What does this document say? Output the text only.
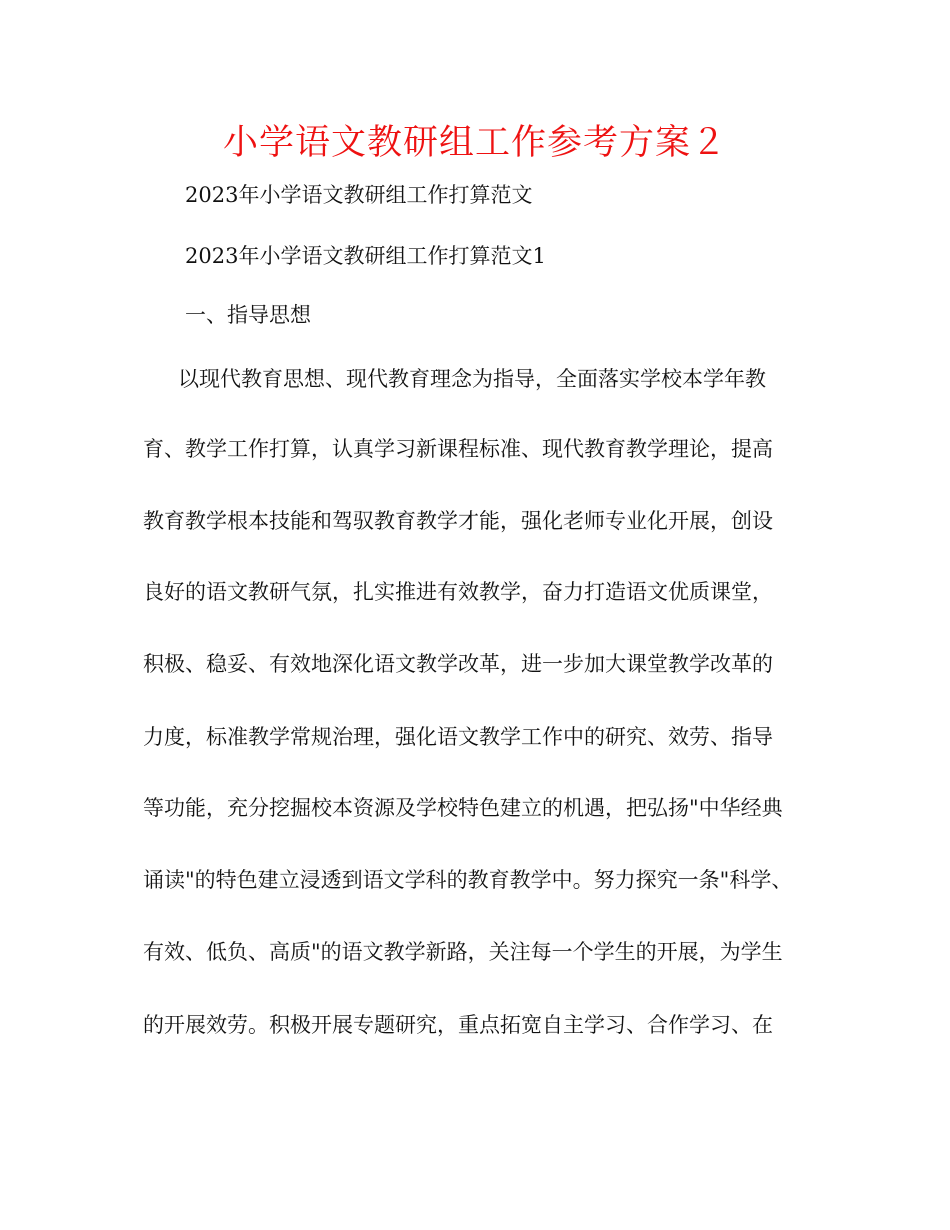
小学语文教研组工作参考方案２
2023年小学语文教研组工作打算范文
2023年小学语文教研组工作打算范文1
一、指导思想
以现代教育思想、现代教育理念为指导，全面落实学校本学年教
育、教学工作打算，认真学习新课程标准、现代教育教学理论，提高
教育教学根本技能和驾驭教育教学才能，强化老师专业化开展，创设
良好的语文教研气氛，扎实推进有效教学，奋力打造语文优质课堂，
积极、稳妥、有效地深化语文教学改革，进一步加大课堂教学改革的
力度，标准教学常规治理，强化语文教学工作中的研究、效劳、指导
等功能，充分挖掘校本资源及学校特色建立的机遇，把弘扬"中华经典
诵读"的特色建立浸透到语文学科的教育教学中。努力探究一条"科学、
有效、低负、高质"的语文教学新路，关注每一个学生的开展，为学生
的开展效劳。积极开展专题研究，重点拓宽自主学习、合作学习、在
